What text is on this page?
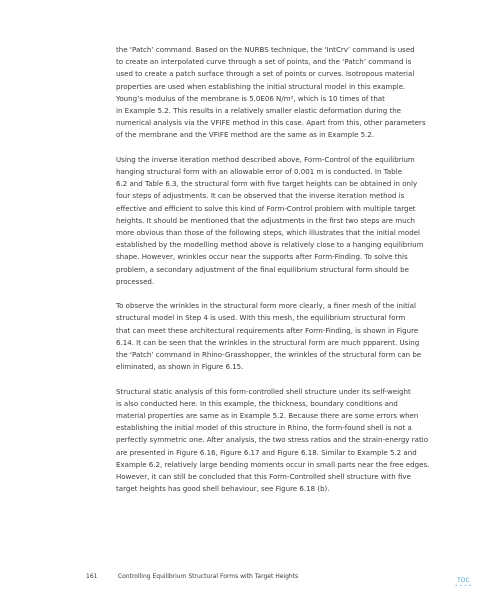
the ‘Patch’ command. Based on the NURBS technique, the ‘IntCrv’ command is used
to create an interpolated curve through a set of points, and the ‘Patch’ command is
used to create a patch surface through a set of points or curves. Isotropous material
properties are used when establishing the initial structural model in this example.
Young’s modulus of the membrane is 5.0E06 N/m², which is 10 times of that
in Example 5.2. This results in a relatively smaller elastic deformation during the
numerical analysis via the VFIFE method in this case. Apart from this, other parameters
of the membrane and the VFIFE method are the same as in Example 5.2.
Using the inverse iteration method described above, Form-Control of the equilibrium
hanging structural form with an allowable error of 0.001 m is conducted. In Table
6.2 and Table 6.3, the structural form with five target heights can be obtained in only
four steps of adjustments. It can be observed that the inverse iteration method is
effective and efficient to solve this kind of Form-Control problem with multiple target
heights. It should be mentioned that the adjustments in the first two steps are much
more obvious than those of the following steps, which illustrates that the initial model
established by the modelling method above is relatively close to a hanging equilibrium
shape. However, wrinkles occur near the supports after Form-Finding. To solve this
problem, a secondary adjustment of the final equilibrium structural form should be
processed.
To observe the wrinkles in the structural form more clearly, a finer mesh of the initial
structural model in Step 4 is used. With this mesh, the equilibrium structural form
that can meet these architectural requirements after Form-Finding, is shown in Figure
6.14. It can be seen that the wrinkles in the structural form are much ppparent. Using
the ‘Patch’ command in Rhino-Grasshopper, the wrinkles of the structural form can be
eliminated, as shown in Figure 6.15.
Structural static analysis of this form-controlled shell structure under its self-weight
is also conducted here. In this example, the thickness, boundary conditions and
material properties are same as in Example 5.2. Because there are some errors when
establishing the initial model of this structure in Rhino, the form-found shell is not a
perfectly symmetric one. After analysis, the two stress ratios and the strain-energy ratio
are presented in Figure 6.16, Figure 6.17 and Figure 6.18. Similar to Example 5.2 and
Example 6.2, relatively large bending moments occur in small parts near the free edges.
However, it can still be concluded that this Form-Controlled shell structure with five
target heights has good shell behaviour, see Figure 6.18 (b).
161	Controlling Equilibrium Structural Forms with Target Heights
TOC
• • • •
